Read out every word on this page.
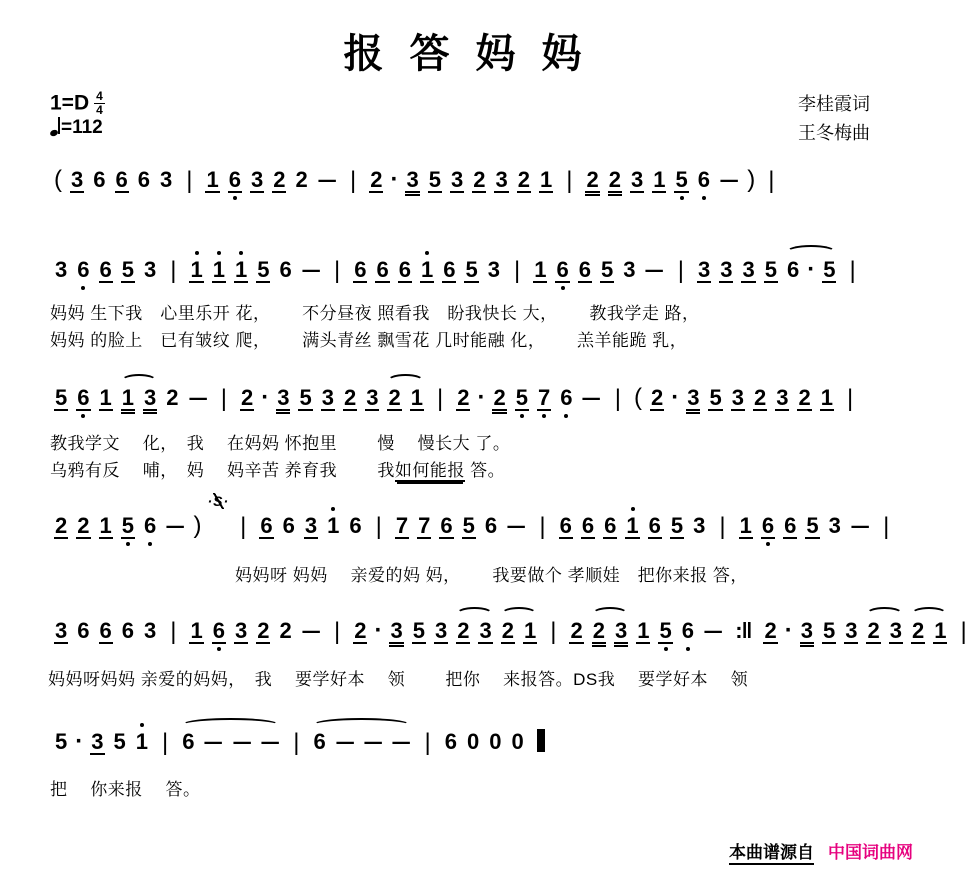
报答妈妈
$1=D \frac{4}{4}$
=112
李桂霞词
王冬梅曲
( 3 6 6 6 3 | 1 6 3 2 2 – | 2 · 3 5 3 2 3 2 1 | 2 2 3 1 5 6 – ) |
3 6 6 5 3 | 1 1 1 5 6 – | 6 6 6 1 6 5 3 | 1 6 6 5 3 – | 3 3 3 5 6 · 5 |
妈妈 生下我　心里乐开 花，　　 不分昼夜 照看我　盼我快长 大，　　 教我学走 路，
妈妈 的脸上　已有皱纹 爬，　　 满头青丝 飘雪花 几时能融 化，　　 羔羊能跪 乳，
5 6 1 1 3 2 – | 2 · 3 5 3 2 3 2 1 | 2 · 2 5 7 6 – | ( 2 · 3 5 3 2 3 2 1 |
教我学文　 化，　我　 在妈妈 怀抱里　　 慢　 慢长大 了。
乌鸦有反　 哺，　妈　 妈辛苦 养育我　　 我如何能报 答。
2 2 1 5 6 – )·S·| 6 6 3 1 6 | 7 7 6 5 6 – | 6 6 6 1 6 5 3 | 1 6 6 5 3 – |
妈妈呀 妈妈　 亲爱的妈 妈，　　 我要做个 孝顺娃　把你来报 答，
3 6 6 6 3 | 1 6 3 2 2 – | 2 · 3 5 3 2 3 2 1 | 2 2 3 1 5 6 – :‖ 2 · 3 5 3 2 3 2 1 |
妈妈呀妈妈 亲爱的妈妈，　我　 要学好本　 领　　 把你　 来报答。DS我　 要学好本　 领
5 · 3 5 1 | 6 – – – | 6 – – – | 6 0 0 0
把　 你来报　 答。

本曲谱源自 中国词曲网
